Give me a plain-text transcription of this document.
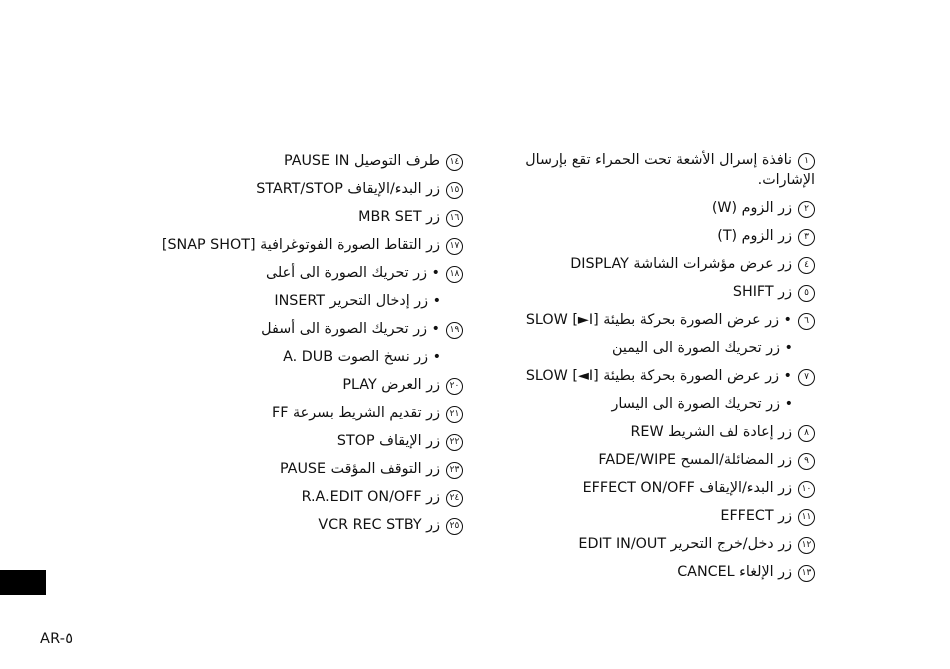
١نافذة إسرال الأشعة تحت الحمراء تقع بإرسال
الإشارات.
٢زر الزوم (W)
٣زر الزوم (T)
٤زر عرض مؤشرات الشاشة DISPLAY
٥زر SHIFT
٦• زر عرض الصورة بحركة بطيئة SLOW [►I]
• زر تحريك الصورة الى اليمين
٧• زر عرض الصورة بحركة بطيئة SLOW [◄I]
• زر تحريك الصورة الى اليسار
٨زر إعادة لف الشريط REW
٩زر المضائلة/المسح FADE/WIPE
١٠زر البدء/الإيقاف EFFECT ON/OFF
١١زر EFFECT
١٢زر دخل/خرج التحرير EDIT IN/OUT
١٣زر الإلغاء CANCEL
١٤طرف التوصيل PAUSE IN
١٥زر البدء/الإيقاف START/STOP
١٦زر MBR SET
١٧زر التقاط الصورة الفوتوغرافية [SNAP SHOT]
١٨• زر تحريك الصورة الى أعلى
• زر إدخال التحرير INSERT
١٩• زر تحريك الصورة الى أسفل
• زر نسخ الصوت A. DUB
٢٠زر العرض PLAY
٢١زر تقديم الشريط بسرعة FF
٢٢زر الإيقاف STOP
٢٣زر التوقف المؤقت PAUSE
٢٤زر R.A.EDIT ON/OFF
٢٥زر VCR REC STBY
AR-٥
